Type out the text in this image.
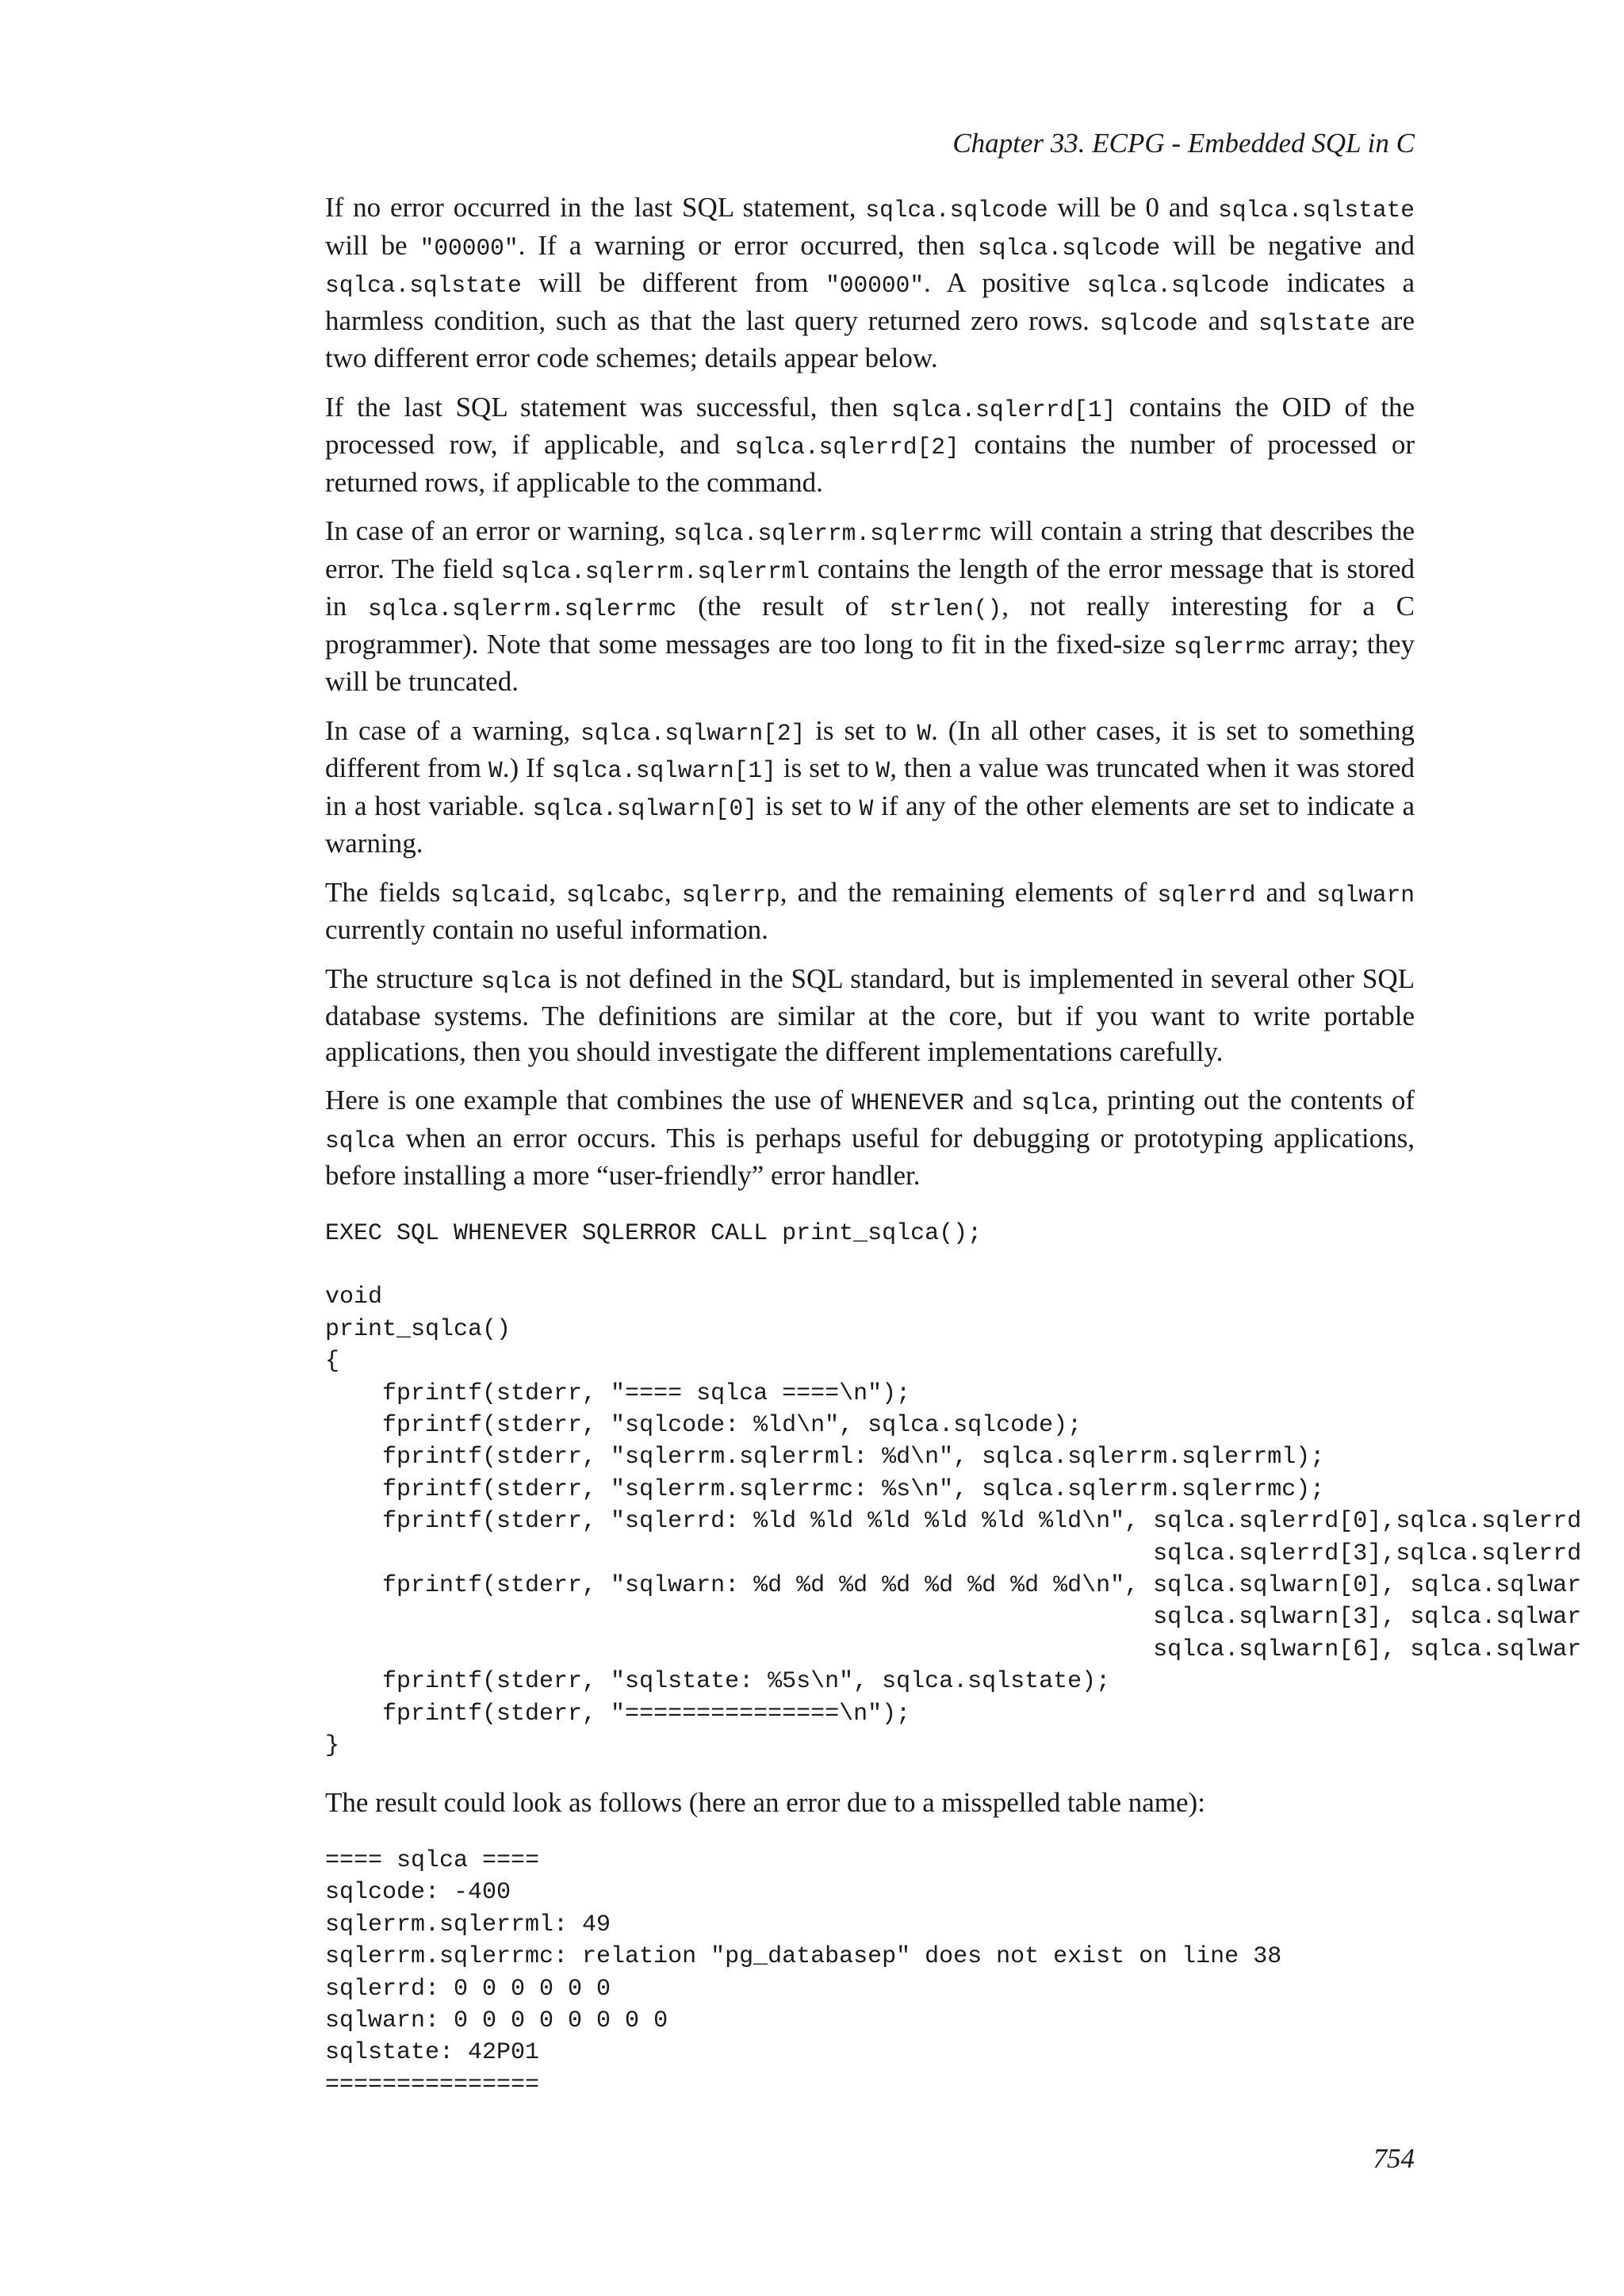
Chapter 33. ECPG - Embedded SQL in C

If no error occurred in the last SQL statement, sqlca.sqlcode will be 0 and sqlca.sqlstate will be "00000". If a warning or error occurred, then sqlca.sqlcode will be negative and sqlca.sqlstate will be different from "00000". A positive sqlca.sqlcode indicates a harmless condition, such as that the last query returned zero rows. sqlcode and sqlstate are two different error code schemes; details appear below.

If the last SQL statement was successful, then sqlca.sqlerrd[1] contains the OID of the processed row, if applicable, and sqlca.sqlerrd[2] contains the number of processed or returned rows, if applicable to the command.

In case of an error or warning, sqlca.sqlerrm.sqlerrmc will contain a string that describes the error. The field sqlca.sqlerrm.sqlerrml contains the length of the error message that is stored in sqlca.sqlerrm.sqlerrmc (the result of strlen(), not really interesting for a C programmer). Note that some messages are too long to fit in the fixed-size sqlerrmc array; they will be truncated.

In case of a warning, sqlca.sqlwarn[2] is set to W. (In all other cases, it is set to something different from W.) If sqlca.sqlwarn[1] is set to W, then a value was truncated when it was stored in a host variable. sqlca.sqlwarn[0] is set to W if any of the other elements are set to indicate a warning.

The fields sqlcaid, sqlcabc, sqlerrp, and the remaining elements of sqlerrd and sqlwarn currently contain no useful information.

The structure sqlca is not defined in the SQL standard, but is implemented in several other SQL database systems. The definitions are similar at the core, but if you want to write portable applications, then you should investigate the different implementations carefully.

Here is one example that combines the use of WHENEVER and sqlca, printing out the contents of sqlca when an error occurs. This is perhaps useful for debugging or prototyping applications, before installing a more “user-friendly” error handler.

EXEC SQL WHENEVER SQLERROR CALL print_sqlca();

void
print_sqlca()
{
fprintf(stderr, "==== sqlca ====\n");
fprintf(stderr, "sqlcode: %ld\n", sqlca.sqlcode);
fprintf(stderr, "sqlerrm.sqlerrml: %d\n", sqlca.sqlerrm.sqlerrml);
fprintf(stderr, "sqlerrm.sqlerrmc: %s\n", sqlca.sqlerrm.sqlerrmc);
fprintf(stderr, "sqlerrd: %ld %ld %ld %ld %ld %ld\n", sqlca.sqlerrd[0],sqlca.sqlerrd
sqlca.sqlerrd[3],sqlca.sqlerrd
fprintf(stderr, "sqlwarn: %d %d %d %d %d %d %d %d\n", sqlca.sqlwarn[0], sqlca.sqlwar
sqlca.sqlwarn[3], sqlca.sqlwar
sqlca.sqlwarn[6], sqlca.sqlwar
fprintf(stderr, "sqlstate: %5s\n", sqlca.sqlstate);
fprintf(stderr, "===============\n");
}

The result could look as follows (here an error due to a misspelled table name):

==== sqlca ====
sqlcode: -400
sqlerrm.sqlerrml: 49
sqlerrm.sqlerrmc: relation "pg_databasep" does not exist on line 38
sqlerrd: 0 0 0 0 0 0
sqlwarn: 0 0 0 0 0 0 0 0
sqlstate: 42P01
===============
754
